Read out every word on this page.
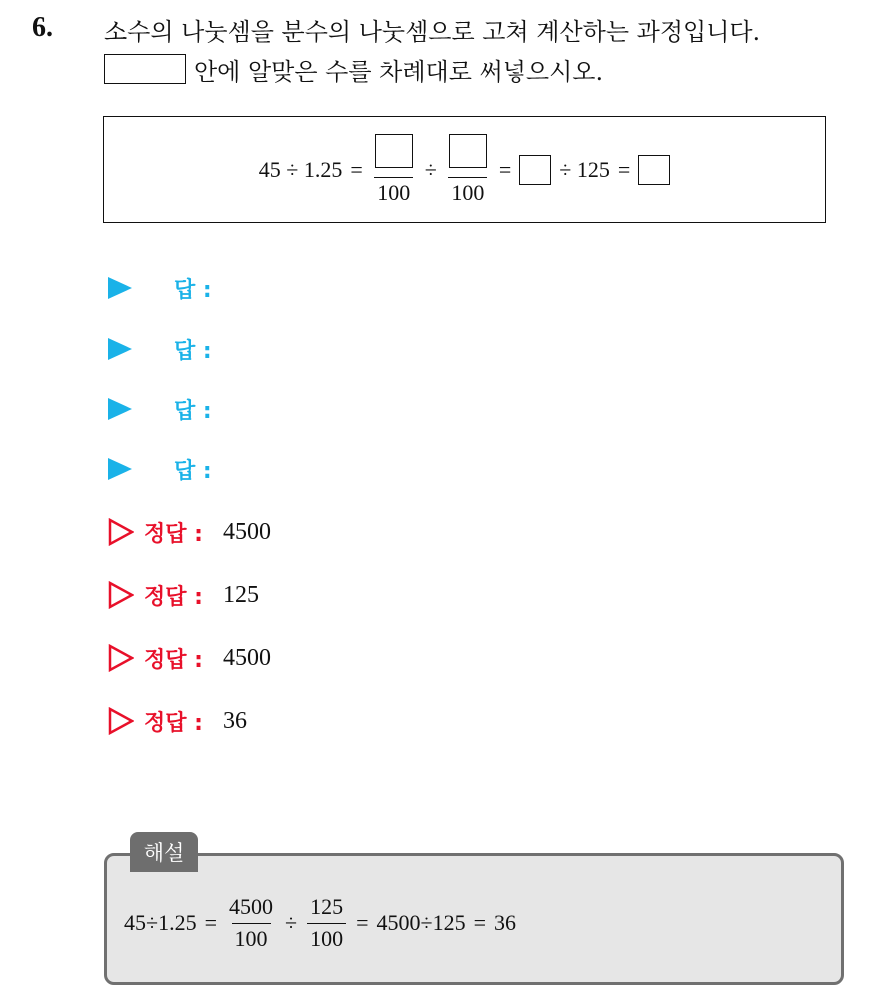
6. 소수의 나눗셈을 분수의 나눗셈으로 고쳐 계산하는 과정입니다.
안에 알맞은 수를 차례대로 써넣으시오.
45 ÷ 1.25 =
100
÷
100
= ÷ 125 =
답 :
답 :
답 :
답 :
정답 : 4500
정답 : 125
정답 : 4500
정답 : 36
해설
$45\div 1.25 = \frac{4500}{100} \div \frac{125}{100} = 4500\div 125 = 36$
